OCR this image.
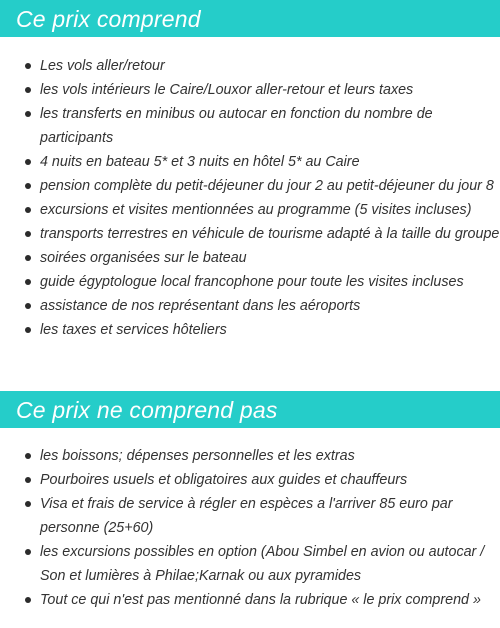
Ce prix comprend
Les vols aller/retour
les vols intérieurs le Caire/Louxor aller-retour et leurs taxes
les transferts en minibus ou autocar en fonction du nombre de participants
4 nuits en bateau 5* et 3 nuits en hôtel 5* au Caire
pension complète du petit-déjeuner du jour 2 au petit-déjeuner du jour 8
excursions et visites mentionnées au programme (5 visites incluses)
transports terrestres en véhicule de tourisme adapté à la taille du groupe
soirées organisées sur le bateau
guide égyptologue local francophone pour toute les visites incluses
assistance de nos représentant dans les aéroports
les taxes et services hôteliers
Ce prix ne comprend pas
les boissons; dépenses personnelles et les extras
Pourboires usuels et obligatoires aux guides et chauffeurs
Visa et frais de service à régler en espèces a l'arriver 85 euro par personne (25+60)
les excursions possibles en option (Abou Simbel en avion ou autocar / Son et lumières à Philae;Karnak ou aux pyramides
Tout ce qui n'est pas mentionné dans la rubrique « le prix comprend »
